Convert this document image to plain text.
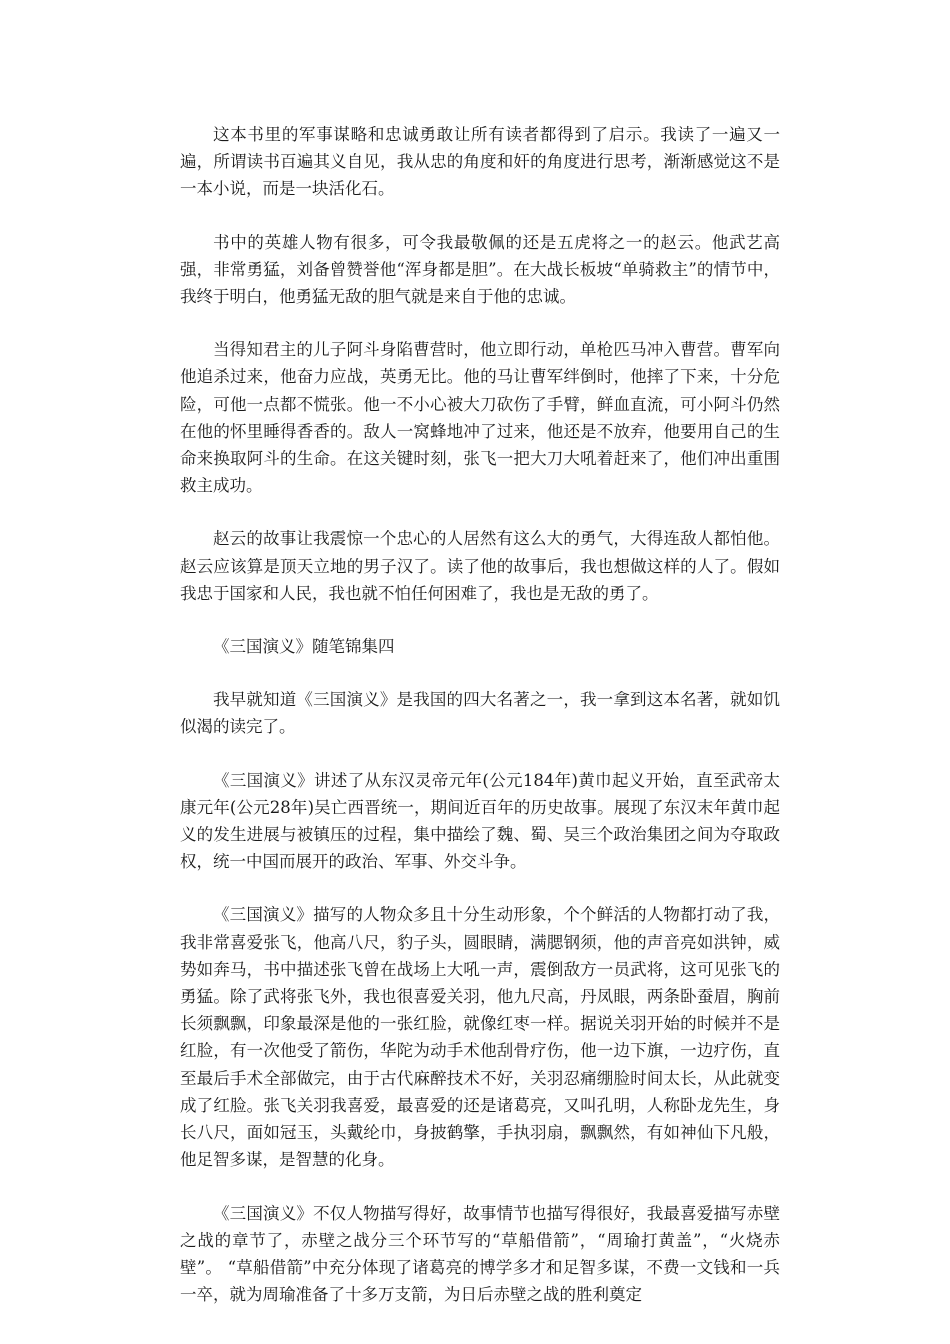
这本书里的军事谋略和忠诚勇敢让所有读者都得到了启示。我读了一遍又一遍，所谓读书百遍其义自见，我从忠的角度和奸的角度进行思考，渐渐感觉这不是一本小说，而是一块活化石。

书中的英雄人物有很多，可令我最敬佩的还是五虎将之一的赵云。他武艺高强，非常勇猛，刘备曾赞誉他“浑身都是胆”。在大战长板坡“单骑救主”的情节中，我终于明白，他勇猛无敌的胆气就是来自于他的忠诚。

当得知君主的儿子阿斗身陷曹营时，他立即行动，单枪匹马冲入曹营。曹军向他追杀过来，他奋力应战，英勇无比。他的马让曹军绊倒时，他摔了下来，十分危险，可他一点都不慌张。他一不小心被大刀砍伤了手臂，鲜血直流，可小阿斗仍然在他的怀里睡得香香的。敌人一窝蜂地冲了过来，他还是不放弃，他要用自己的生命来换取阿斗的生命。在这关键时刻，张飞一把大刀大吼着赶来了，他们冲出重围救主成功。

赵云的故事让我震惊一个忠心的人居然有这么大的勇气，大得连敌人都怕他。赵云应该算是顶天立地的男子汉了。读了他的故事后，我也想做这样的人了。假如我忠于国家和人民，我也就不怕任何困难了，我也是无敌的勇了。

《三国演义》随笔锦集四

我早就知道《三国演义》是我国的四大名著之一，我一拿到这本名著，就如饥似渴的读完了。

《三国演义》讲述了从东汉灵帝元年(公元184年)黄巾起义开始，直至武帝太康元年(公元28年)吴亡西晋统一，期间近百年的历史故事。展现了东汉末年黄巾起义的发生进展与被镇压的过程，集中描绘了魏、蜀、吴三个政治集团之间为夺取政权，统一中国而展开的政治、军事、外交斗争。

《三国演义》描写的人物众多且十分生动形象，个个鲜活的人物都打动了我，我非常喜爱张飞，他高八尺，豹子头，圆眼睛，满腮钢须，他的声音亮如洪钟，威势如奔马，书中描述张飞曾在战场上大吼一声，震倒敌方一员武将，这可见张飞的勇猛。除了武将张飞外，我也很喜爱关羽，他九尺高，丹凤眼，两条卧蚕眉，胸前长须飘飘，印象最深是他的一张红脸，就像红枣一样。据说关羽开始的时候并不是红脸，有一次他受了箭伤，华陀为动手术他刮骨疗伤，他一边下旗，一边疗伤，直至最后手术全部做完，由于古代麻醉技术不好，关羽忍痛绷脸时间太长，从此就变成了红脸。张飞关羽我喜爱，最喜爱的还是诸葛亮，又叫孔明，人称卧龙先生，身长八尺，面如冠玉，头戴纶巾，身披鹤擎，手执羽扇，飘飘然，有如神仙下凡般，他足智多谋，是智慧的化身。

《三国演义》不仅人物描写得好，故事情节也描写得很好，我最喜爱描写赤壁之战的章节了，赤壁之战分三个环节写的“草船借箭”，“周瑜打黄盖”，“火烧赤壁”。 “草船借箭”中充分体现了诸葛亮的博学多才和足智多谋，不费一文钱和一兵一卒，就为周瑜准备了十多万支箭，为日后赤壁之战的胜利奠定
